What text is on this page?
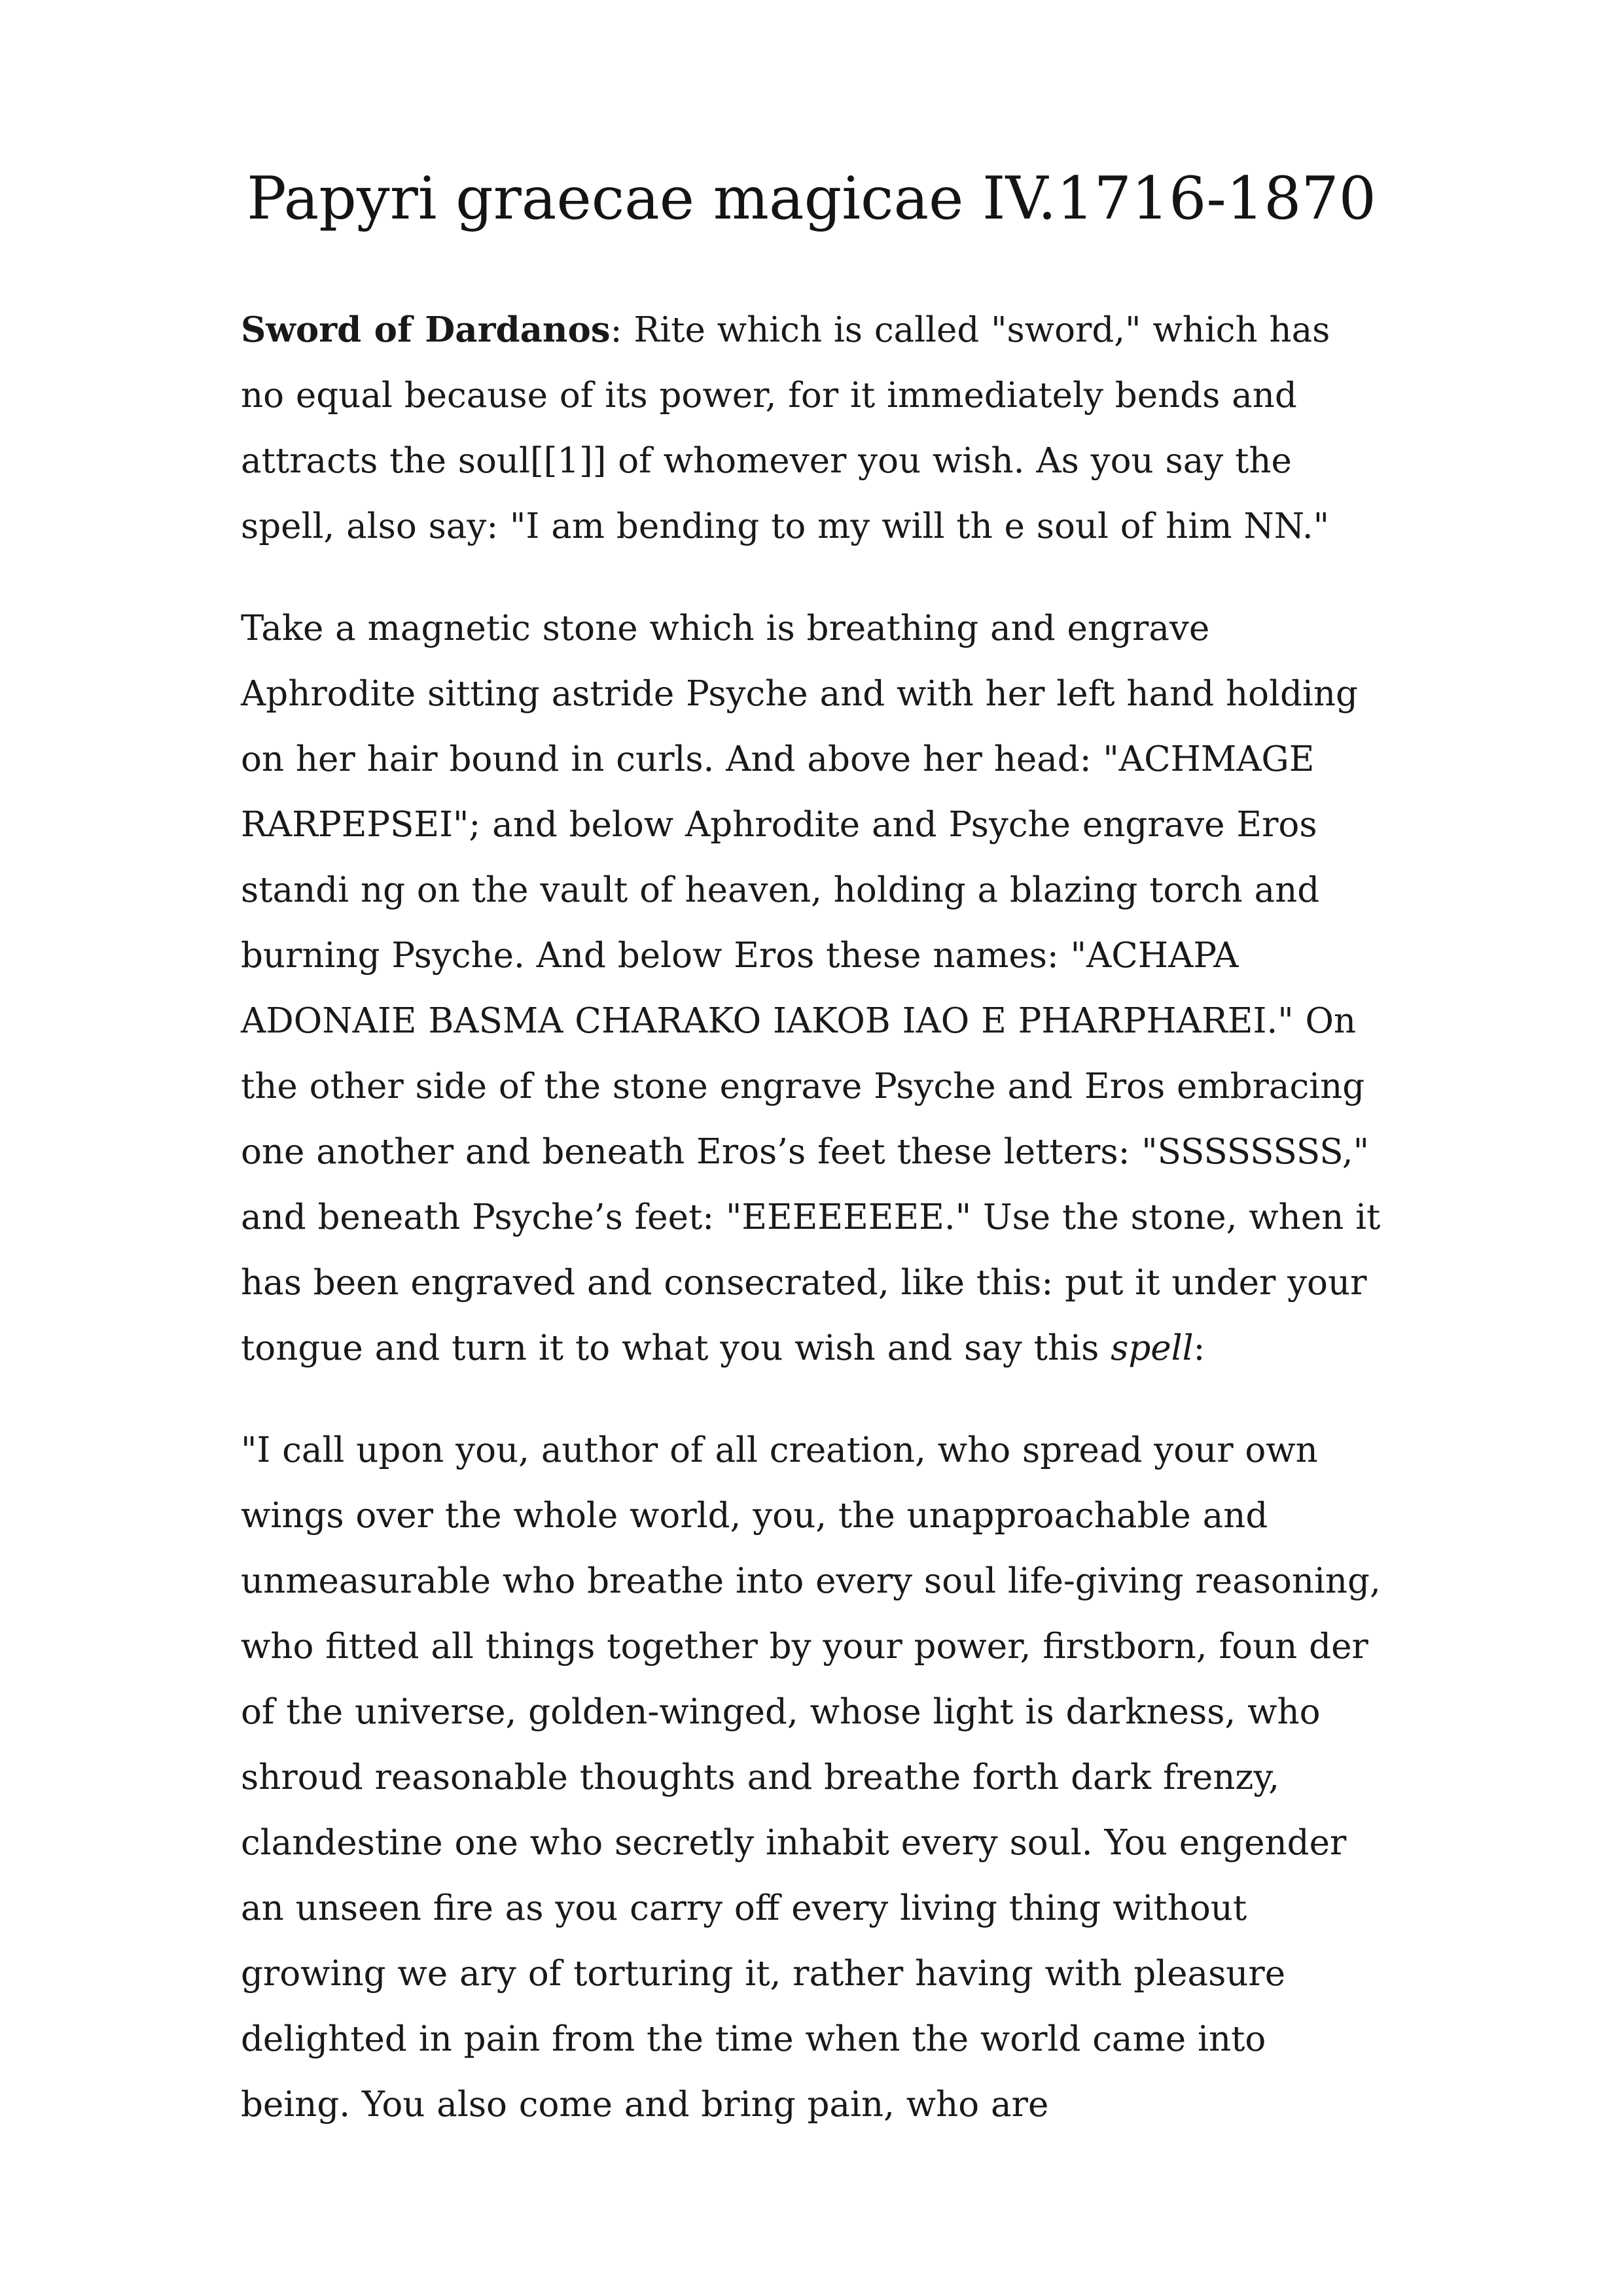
Papyri graecae magicae IV.1716-1870

Sword of Dardanos: Rite which is called "sword," which has no equal because of its power, for it immediately bends and attracts the soul[[1]] of whomever you wish. As you say the spell, also say: "I am bending to my will th e soul of him NN."

Take a magnetic stone which is breathing and engrave Aphrodite sitting astride Psyche and with her left hand holding on her hair bound in curls. And above her head: "ACHMAGE RARPEPSEI"; and below Aphrodite and Psyche engrave Eros standi ng on the vault of heaven, holding a blazing torch and burning Psyche. And below Eros these names: "ACHAPA ADONAIE BASMA CHARAKO IAKOB IAO E PHARPHAREI." On the other side of the stone engrave Psyche and Eros embracing one another and beneath Eros’s feet these letters: "SSSSSSSS," and beneath Psyche’s feet: "EEEEEEEE." Use the stone, when it has been engraved and consecrated, like this: put it under your tongue and turn it to what you wish and say this spell:

"I call upon you, author of all creation, who spread your own wings over the whole world, you, the unapproachable and unmeasurable who breathe into every soul life-giving reasoning, who fitted all things together by your power, firstborn, foun der of the universe, golden-winged, whose light is darkness, who shroud reasonable thoughts and breathe forth dark frenzy, clandestine one who secretly inhabit every soul. You engender an unseen fire as you carry off every living thing without growing we ary of torturing it, rather having with pleasure delighted in pain from the time when the world came into being. You also come and bring pain, who are
